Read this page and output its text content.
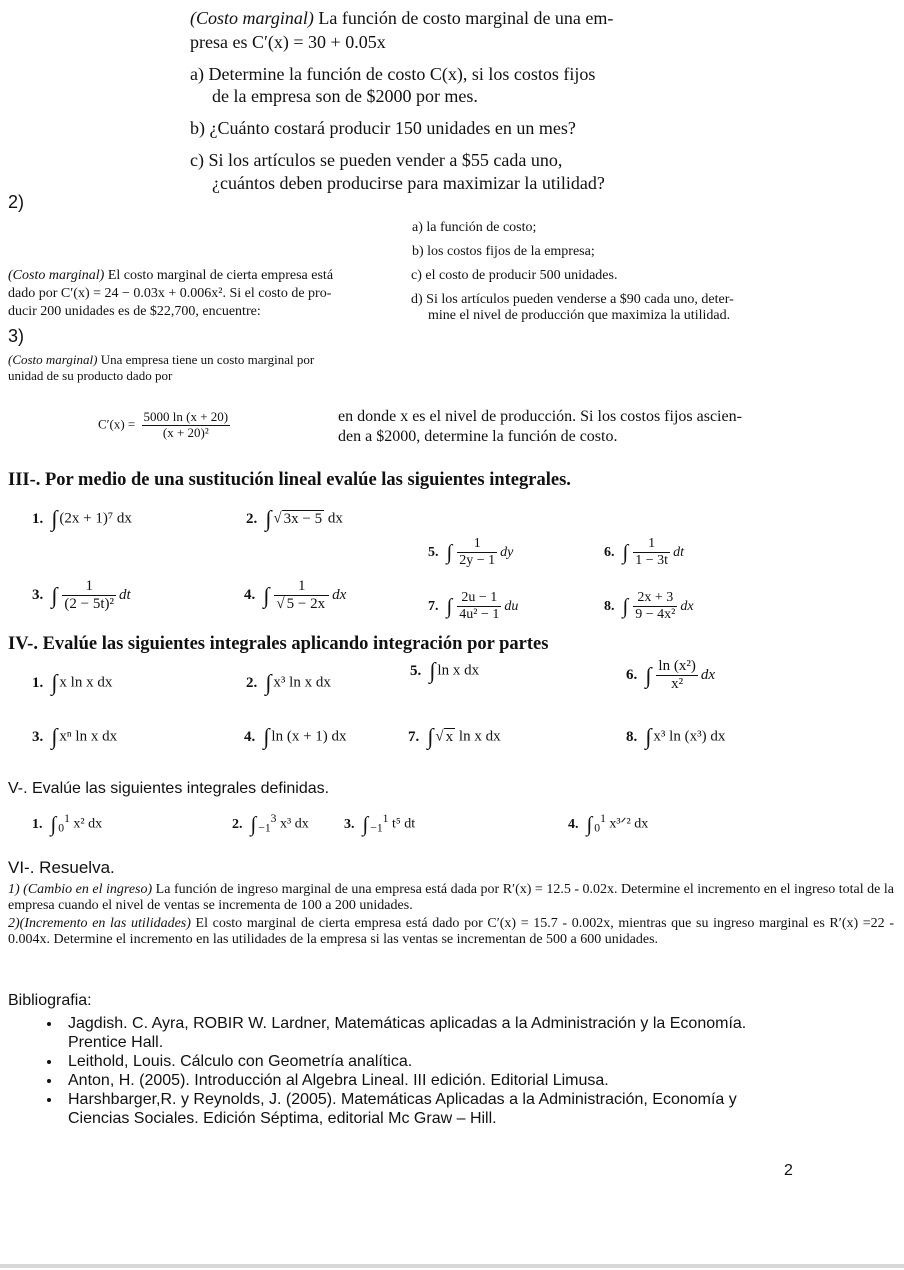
(Costo marginal) La función de costo marginal de una em-
presa es C′(x) = 30 + 0.05x
a) Determine la función de costo C(x), si los costos fijos
de la empresa son de $2000 por mes.
b) ¿Cuánto costará producir 150 unidades en un mes?
c) Si los artículos se pueden vender a $55 cada uno,
¿cuántos deben producirse para maximizar la utilidad?
2)
a) la función de costo;
b) los costos fijos de la empresa;
c) el costo de producir 500 unidades.
d) Si los artículos pueden venderse a $90 cada uno, deter-
mine el nivel de producción que maximiza la utilidad.
(Costo marginal) El costo marginal de cierta empresa está
dado por C′(x) = 24 − 0.03x + 0.006x². Si el costo de pro-
ducir 200 unidades es de $22,700, encuentre:
3)
(Costo marginal) Una empresa tiene un costo marginal por
unidad de su producto dado por
$C'(x) = \frac{5000 \ln (x + 20)}{\text{(x + 20)²}}$	en donde x es el nivel de producción. Si los costos fijos ascien-
den a $2000, determine la función de costo.
III-. Por medio de una sustitución lineal evalúe las siguientes integrales.
1. ∫ (2x + 1)⁷ dx	2. ∫ √ 3x − 5 dx
5. ∫ $\frac{1}{2y - 1}$ dy	6. ∫ $\frac{1}{1 - 3t}$ dt
3. ∫ $\frac{1}{\text{(2 − 5t)²}}$ dt	4. ∫ $\frac{1}{√ 5 - 2x}$ dx
7. ∫ $\frac{2u - 1}{\text{4u² − 1}}$ du	8. ∫ $\frac{2x + 3}{\text{9 − 4x²}}$ dx
IV-. Evalúe las siguientes integrales aplicando integración por partes
1. ∫ x ln x dx	2. ∫ x³ ln x dx
5. ∫ ln x dx	6. ∫ $\frac{\text{ln (x²)}}{\text{x²}}$ dx
3. ∫ xⁿ ln x dx	4. ∫ ln (x + 1) dx	7. ∫ √ x ln x dx	8. ∫ x³ ln (x³) dx
V-. Evalúe las siguientes integrales definidas.
1. ∫ $_0^1$ x² dx	2. ∫ $_{-1}^3$ x³ dx	3. ∫ $_{-1}^1$ t⁵ dt	4. ∫ $_0^1$ x³ᐟ² dx
VI-. Resuelva.
1) (Cambio en el ingreso) La función de ingreso marginal de una empresa está dada por R′(x) = 12.5 - 0.02x. Determine el incremento en el ingreso total de la empresa cuando el nivel de ventas se incrementa de 100 a 200 unidades.
2)(Incremento en las utilidades) El costo marginal de cierta empresa está dado por C′(x) = 15.7 - 0.002x, mientras que su ingreso marginal es R′(x) =22 - 0.004x. Determine el incremento en las utilidades de la empresa si las ventas se incrementan de 500 a 600 unidades.
Bibliografia:
• Jagdish. C. Ayra, ROBIR W. Lardner, Matemáticas aplicadas a la Administración y la Economía. Prentice Hall.
• Leithold, Louis. Cálculo con Geometría analítica.
• Anton, H. (2005). Introducción al Algebra Lineal. III edición. Editorial Limusa.
• Harshbarger,R. y Reynolds, J. (2005). Matemáticas Aplicadas a la Administración, Economía y Ciencias Sociales. Edición Séptima, editorial Mc Graw – Hill.
2
